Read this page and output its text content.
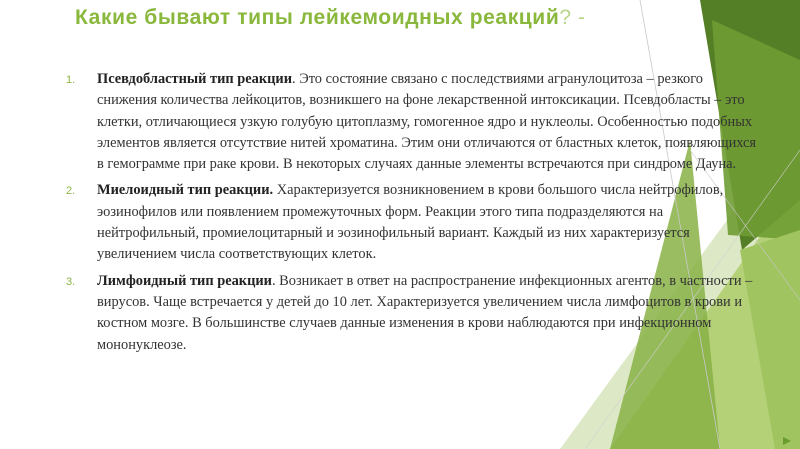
Какие бывают типы лейкемоидных реакций? -
1. Псевдобластный тип реакции. Это состояние связано с последствиями агранулоцитоза – резкого снижения количества лейкоцитов, возникшего на фоне лекарственной интоксикации. Псевдобласты – это клетки, отличающиеся узкую голубую цитоплазму, гомогенное ядро и нуклеолы. Особенностью подобных элементов является отсутствие нитей хроматина. Этим они отличаются от бластных клеток, появляющихся в гемограмме при раке крови. В некоторых случаях данные элементы встречаются при синдроме Дауна.
2. Миелоидный тип реакции. Характеризуется возникновением в крови большого числа нейтрофилов, эозинофилов или появлением промежуточных форм. Реакции этого типа подразделяются на нейтрофильный, промиелоцитарный и эозинофильный вариант. Каждый из них характеризуется увеличением числа соответствующих клеток.
3. Лимфоидный тип реакции. Возникает в ответ на распространение инфекционных агентов, в частности – вирусов. Чаще встречается у детей до 10 лет. Характеризуется увеличением числа лимфоцитов в крови и костном мозге. В большинстве случаев данные изменения в крови наблюдаются при инфекционном мононуклеозе.
